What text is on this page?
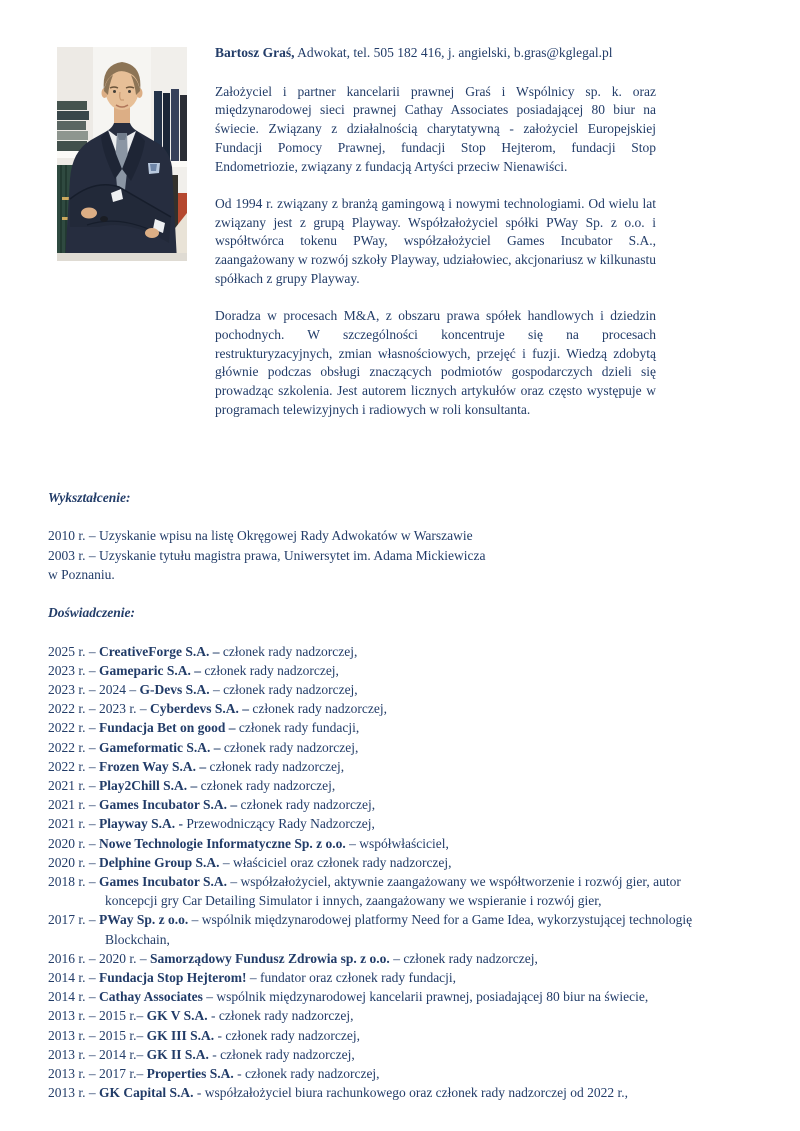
Bartosz Graś, Adwokat, tel. 505 182 416, j. angielski, b.gras@kglegal.pl

Założyciel i partner kancelarii prawnej Graś i Wspólnicy sp. k. oraz międzynarodowej sieci prawnej Cathay Associates posiadającej 80 biur na świecie. Związany z działalnością charytatywną - założyciel Europejskiej Fundacji Pomocy Prawnej, fundacji Stop Hejterom, fundacji Stop Endometriozie, związany z fundacją Artyści przeciw Nienawiści.

Od 1994 r. związany z branżą gamingową i nowymi technologiami. Od wielu lat związany jest z grupą Playway. Współzałożyciel spółki PWay Sp. z o.o. i współtwórca tokenu PWay, współzałożyciel Games Incubator S.A., zaangażowany w rozwój szkoły Playway, udziałowiec, akcjonariusz w kilkunastu spółkach z grupy Playway.

Doradza w procesach M&A, z obszaru prawa spółek handlowych i dziedzin pochodnych. W szczególności koncentruje się na procesach restrukturyzacyjnych, zmian własnościowych, przejęć i fuzji. Wiedzą zdobytą głównie podczas obsługi znaczących podmiotów gospodarczych dzieli się prowadząc szkolenia. Jest autorem licznych artykułów oraz często występuje w programach telewizyjnych i radiowych w roli konsultanta.

Wykształcenie:
2010 r. – Uzyskanie wpisu na listę Okręgowej Rady Adwokatów w Warszawie
2003 r. – Uzyskanie tytułu magistra prawa, Uniwersytet im. Adama Mickiewicza
w Poznaniu.
Doświadczenie:
2025 r. – CreativeForge S.A. – członek rady nadzorczej,
2023 r. – Gameparic S.A. – członek rady nadzorczej,
2023 r. – 2024 – G-Devs S.A. – członek rady nadzorczej,
2022 r. – 2023 r. – Cyberdevs S.A. – członek rady nadzorczej,
2022 r. – Fundacja Bet on good – członek rady fundacji,
2022 r. – Gameformatic S.A. – członek rady nadzorczej,
2022 r. – Frozen Way S.A. – członek rady nadzorczej,
2021 r. – Play2Chill S.A. – członek rady nadzorczej,
2021 r. – Games Incubator S.A. – członek rady nadzorczej,
2021 r. – Playway S.A. - Przewodniczący Rady Nadzorczej,
2020 r. – Nowe Technologie Informatyczne Sp. z o.o. – współwłaściciel,
2020 r. – Delphine Group S.A. – właściciel oraz członek rady nadzorczej,
2018 r. – Games Incubator S.A. – współzałożyciel, aktywnie zaangażowany we współtworzenie i rozwój gier, autor
koncepcji gry Car Detailing Simulator i innych, zaangażowany we wspieranie i rozwój gier,
2017 r. – PWay Sp. z o.o. – wspólnik międzynarodowej platformy Need for a Game Idea, wykorzystującej technologię
Blockchain,
2016 r. – 2020 r. – Samorządowy Fundusz Zdrowia sp. z o.o. – członek rady nadzorczej,
2014 r. – Fundacja Stop Hejterom! – fundator oraz członek rady fundacji,
2014 r. – Cathay Associates – wspólnik międzynarodowej kancelarii prawnej, posiadającej 80 biur na świecie,
2013 r. – 2015 r.– GK V S.A. - członek rady nadzorczej,
2013 r. – 2015 r.– GK III S.A. - członek rady nadzorczej,
2013 r. – 2014 r.– GK II S.A. - członek rady nadzorczej,
2013 r. – 2017 r.– Properties S.A. - członek rady nadzorczej,
2013 r. – GK Capital S.A. - współzałożyciel biura rachunkowego oraz członek rady nadzorczej od 2022 r.,
